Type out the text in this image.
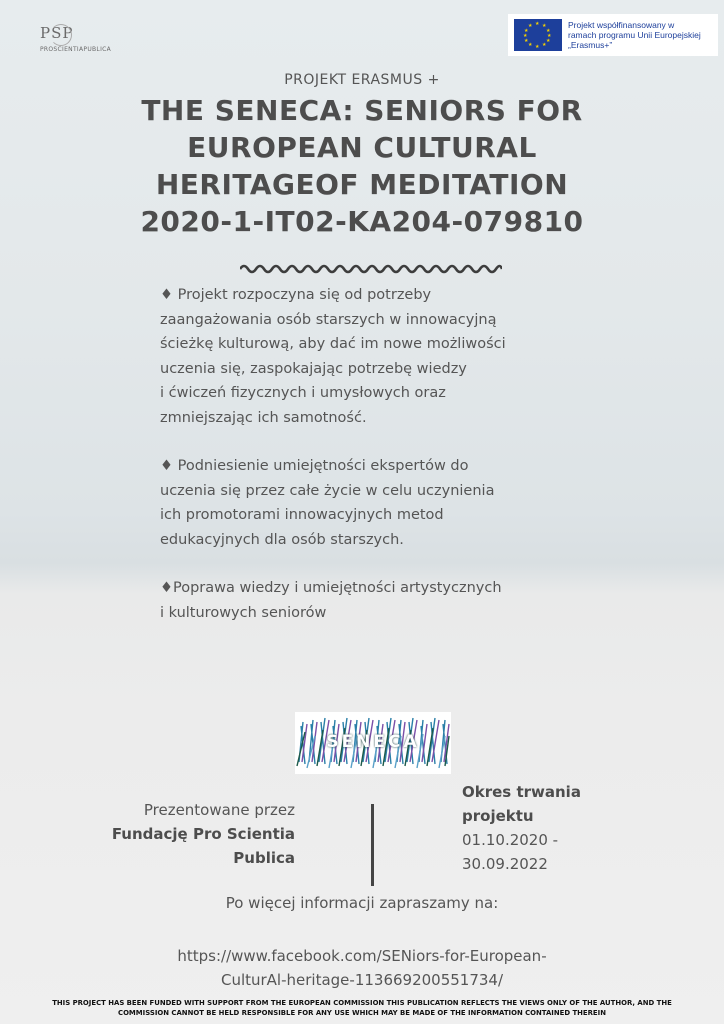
PSP
PROSCIENTIAPUBLICA
★ ★
★
★
★
★
★
★
★
★
★
★	Projekt współfinansowany w
ramach programu Unii Europejskiej
„Erasmus+”
PROJEKT ERASMUS +
THE SENECA: SENIORS FOR
EUROPEAN CULTURAL
HERITAGEOF MEDITATION
2020-1-IT02-KA204-079810

♦ Projekt rozpoczyna się od potrzeby
zaangażowania osób starszych w innowacyjną
ścieżkę kulturową, aby dać im nowe możliwości
uczenia się, zaspokajając potrzebę wiedzy
i ćwiczeń fizycznych i umysłowych oraz
zmniejszając ich samotność.

♦ Podniesienie umiejętności ekspertów do
uczenia się przez całe życie w celu uczynienia
ich promotorami innowacyjnych metod
edukacyjnych dla osób starszych.

♦Poprawa wiedzy i umiejętności artystycznych
i kulturowych seniorów

SENECA
Prezentowane przez
Fundację Pro Scientia
Publica
Okres trwania
projektu
01.10.2020 -
30.09.2022
Po więcej informacji zapraszamy na:
https://www.facebook.com/SENiors-for-European-
CulturAl-heritage-113669200551734/
THIS PROJECT HAS BEEN FUNDED WITH SUPPORT FROM THE EUROPEAN COMMISSION THIS PUBLICATION REFLECTS THE VIEWS ONLY OF THE AUTHOR, AND THE
COMMISSION CANNOT BE HELD RESPONSIBLE FOR ANY USE WHICH MAY BE MADE OF THE INFORMATION CONTAINED THEREIN
